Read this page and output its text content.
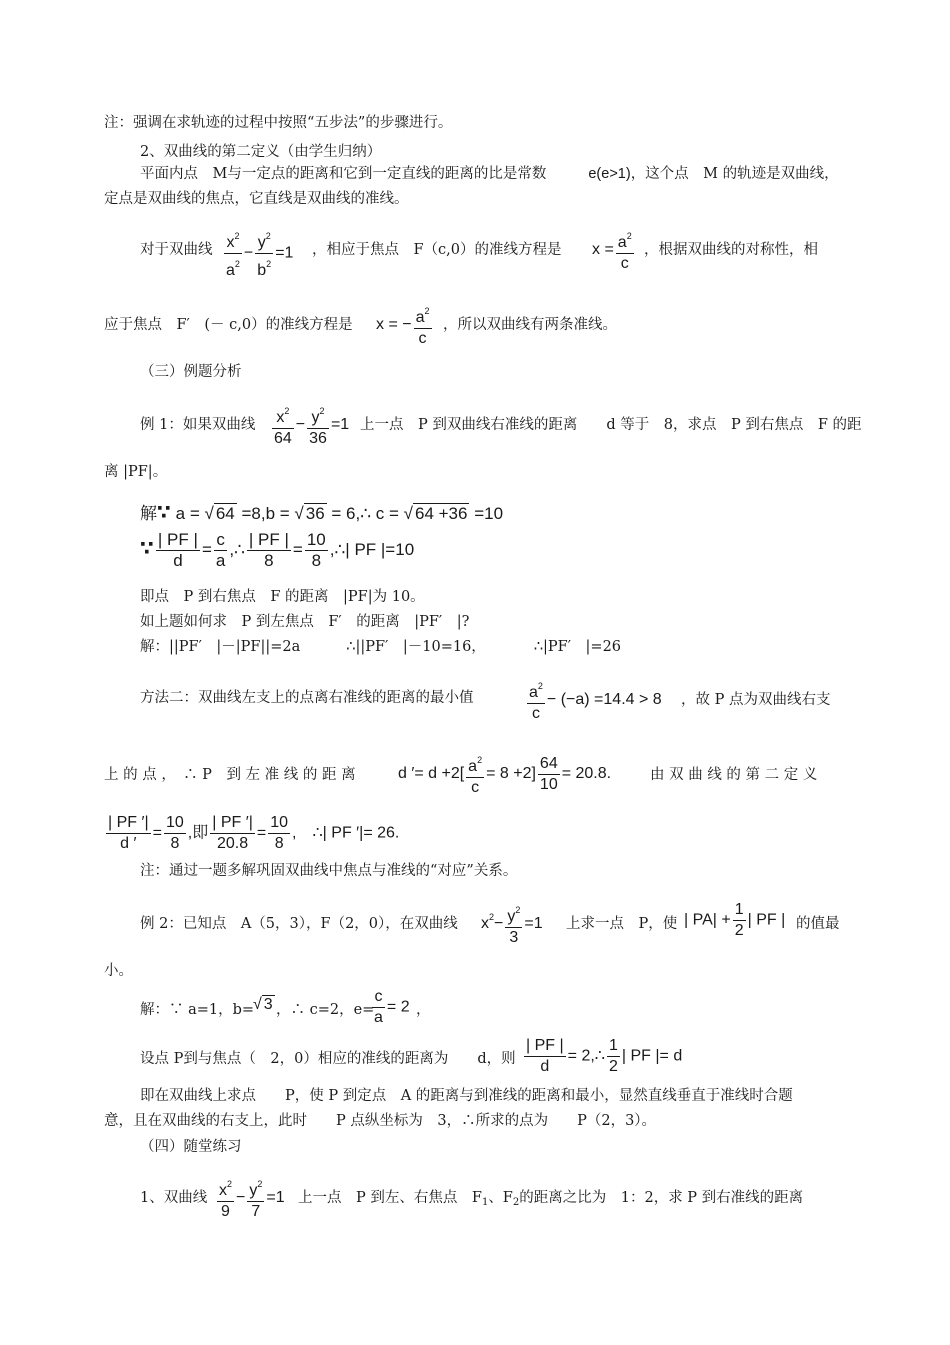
注：强调在求轨迹的过程中按照“五步法”的步骤进行。
2、双曲线的第二定义（由学生归纳）
平面内点　M与一定点的距离和它到一定直线的距离的比是常数	e(e>1)，这个点　M 的轨迹是双曲线，
定点是双曲线的焦点，它直线是双曲线的准线。
对于双曲线 $\frac{x^2}{a^2} - \frac{y^2}{b^2} =1$ ，相应于焦点　F（c,0）的准线方程是 $x = \frac{a^2}{c}$ ，根据双曲线的对称性，相
应于焦点　F′　(－ c,0）的准线方程是 x = − $\frac{a^2}{c}$ ，所以双曲线有两条准线。
（三）例题分析
例 1：如果双曲线 $\frac{x^2}{64} - \frac{y^2}{36} =1$ 上一点　P 到双曲线右准线的距离　　d 等于　8，求点　P 到右焦点　F 的距
离 |PF|。
解∵ a = √ 64 =8,b = √ 36 = 6,∴ c = √ 64 +36 =10
∵ $\frac{| PF |}{d} = \frac{c}{a}$ ,∴ $\frac{| PF |}{8} = \frac{10}{8}$ ,∴| PF |=10
即点　P 到右焦点　F 的距离　|PF|为 10。
如上题如何求　P 到左焦点　F′　的距离　|PF′　|?
解：||PF′　|－|PF||=2a	∴||PF′　|－10=16，	∴|PF′　|=26
方法二：双曲线左支上的点离右准线的距离的最小值	$\frac{a^2}{c} - (-a) =14.4 > 8$ ，故 P 点为双曲线右支
上 的 点 ，　∴ P　到 左 准 线 的 距 离	d ′= $d +2[ \frac{a^2}{c} = 8 +2] \frac{64}{10} = 20.8$.	由 双 曲 线 的 第 二 定 义
$\frac{| PF '|}{d '} = \frac{10}{8}$ ,即 $\frac{| PF '|}{20.8} = \frac{10}{8}$ ,　∴| PF ′|= 26.
注：通过一题多解巩固双曲线中焦点与准线的“对应”关系。
例 2：已知点　A（5，3），F（2，0），在双曲线 $x^2- \frac{y^2}{3} =1$ 上求一点　P，使 | $PA| + \frac{1}{2}$ | PF | 的值最
小。
解：∵ a=1，b=
√ 3 ，∴ c=2，e=
$\frac{c}{a} = 2$ ，
设点 P到与焦点（　2，0）相应的准线的距离为　　d，则 $\frac{| PF |}{d}$ = 2,∴ $\frac{1}{2}$ | PF |= d
即在双曲线上求点　　P，使 P 到定点　A 的距离与到准线的距离和最小，显然直线垂直于准线时合题
意，且在双曲线的右支上，此时　　P 点纵坐标为　3，∴所求的点为　　P（2，3）。
（四）随堂练习
1、双曲线 $\frac{x^2}{9} - \frac{y^2}{7} =1$ 上一点　P 到左、右焦点　$F_1$、$F_2$的距离之比为　1：2，求 P 到右准线的距离
